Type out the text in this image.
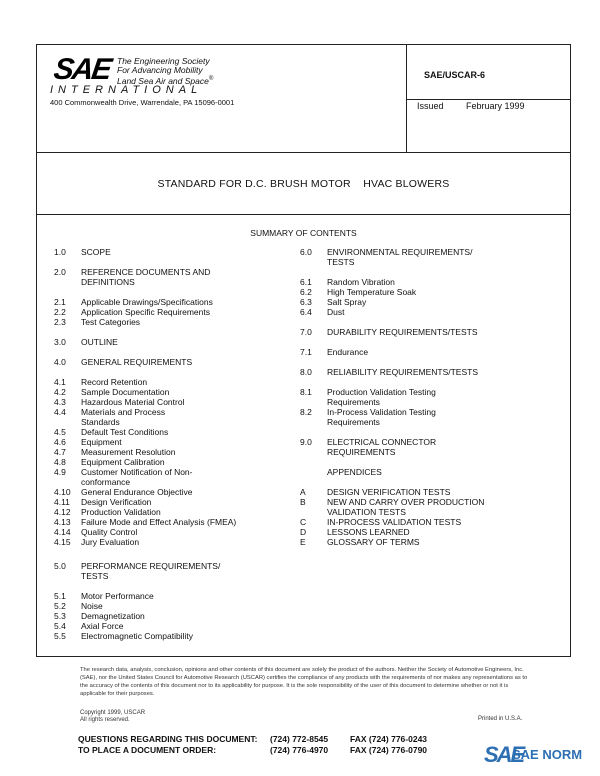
SAE The Engineering Society
For Advancing Mobility
Land Sea Air and Space®
INTERNATIONAL
400 Commonwealth Drive, Warrendale, PA 15096-0001
SAE/USCAR-6
Issued February 1999
STANDARD FOR D.C. BRUSH MOTOR    HVAC BLOWERS
SUMMARY OF CONTENTS
1.0 SCOPE
2.0 REFERENCE DOCUMENTS AND
DEFINITIONS
2.1 Applicable Drawings/Specifications
2.2 Application Specific Requirements
2.3 Test Categories
3.0 OUTLINE
4.0 GENERAL REQUIREMENTS
4.1 Record Retention
4.2 Sample Documentation
4.3 Hazardous Material Control
4.4 Materials and Process
Standards
4.5 Default Test Conditions
4.6 Equipment
4.7 Measurement Resolution
4.8 Equipment Calibration
4.9 Customer Notification of Non-
conformance
4.10 General Endurance Objective
4.11 Design Verification
4.12 Production Validation
4.13 Failure Mode and Effect Analysis (FMEA)
4.14 Quality Control
4.15 Jury Evaluation
5.0 PERFORMANCE REQUIREMENTS/
TESTS
5.1 Motor Performance
5.2 Noise
5.3 Demagnetization
5.4 Axial Force
5.5 Electromagnetic Compatibility
6.0 ENVIRONMENTAL REQUIREMENTS/
TESTS
6.1 Random Vibration
6.2 High Temperature Soak
6.3 Salt Spray
6.4 Dust
7.0 DURABILITY REQUIREMENTS/TESTS
7.1 Endurance
8.0 RELIABILITY REQUIREMENTS/TESTS
8.1 Production Validation Testing
Requirements
8.2 In-Process Validation Testing
Requirements
9.0 ELECTRICAL CONNECTOR
REQUIREMENTS
APPENDICES
A	DESIGN VERIFICATION TESTS
B	NEW AND CARRY OVER PRODUCTION
VALIDATION TESTS
C IN-PROCESS VALIDATION TESTS
D LESSONS LEARNED
E	GLOSSARY OF TERMS
The research data, analysis, conclusion, opinions and other contents of this document are solely the product of the authors. Neither the Society of Automotive Engineers, Inc. (SAE), nor the United States Council for Automotive Research (USCAR) certifies the compliance of any products with the requirements of nor makes any representations as to the accuracy of the contents of this document nor to its applicability for purpose. It is the sole responsibility of the user of this document to determine whether or not it is applicable for their purposes.
Copyright 1999, USCAR
All rights reserved.	Printed in U.S.A.
QUESTIONS REGARDING THIS DOCUMENT: (724) 772-8545	FAX (724) 776-0243
TO PLACE A DOCUMENT ORDER:	(724) 776-4970	FAX (724) 776-0790	SAE
SAE NORM
